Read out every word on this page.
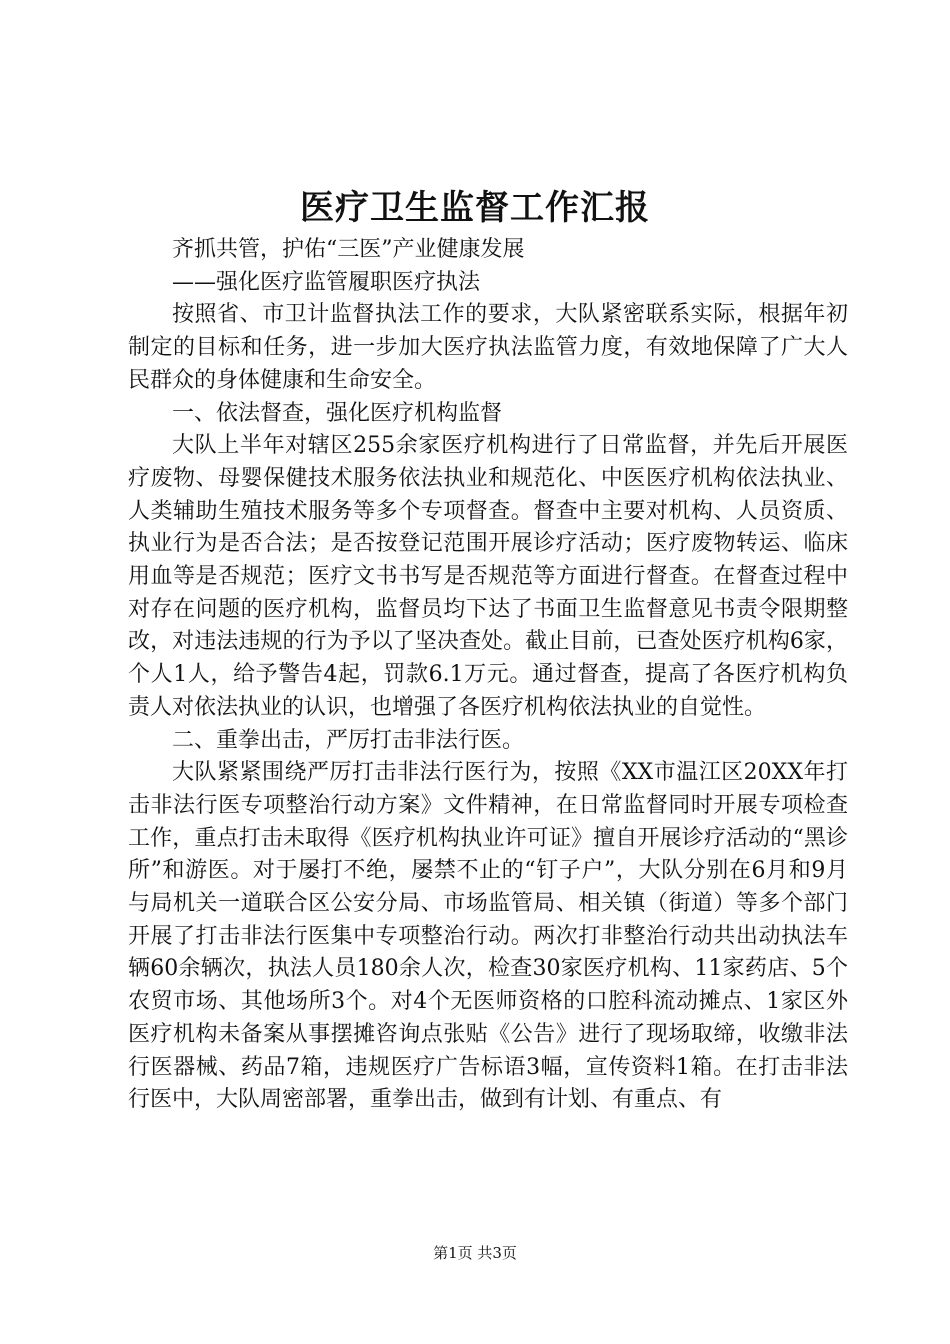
医疗卫生监督工作汇报

齐抓共管，护佑“三医”产业健康发展

——强化医疗监管履职医疗执法

按照省、市卫计监督执法工作的要求，大队紧密联系实际，根据年初制定的目标和任务，进一步加大医疗执法监管力度，有效地保障了广大人民群众的身体健康和生命安全。

一、依法督查，强化医疗机构监督

大队上半年对辖区255余家医疗机构进行了日常监督，并先后开展医疗废物、母婴保健技术服务依法执业和规范化、中医医疗机构依法执业、人类辅助生殖技术服务等多个专项督查。督查中主要对机构、人员资质、执业行为是否合法；是否按登记范围开展诊疗活动；医疗废物转运、临床用血等是否规范；医疗文书书写是否规范等方面进行督查。在督查过程中对存在问题的医疗机构，监督员均下达了书面卫生监督意见书责令限期整改，对违法违规的行为予以了坚决查处。截止目前，已查处医疗机构6家，个人1人，给予警告4起，罚款6.1万元。通过督查，提高了各医疗机构负责人对依法执业的认识，也增强了各医疗机构依法执业的自觉性。

二、重拳出击，严厉打击非法行医。

大队紧紧围绕严厉打击非法行医行为，按照《XX市温江区20XX年打击非法行医专项整治行动方案》文件精神，在日常监督同时开展专项检查工作，重点打击未取得《医疗机构执业许可证》擅自开展诊疗活动的“黑诊所”和游医。对于屡打不绝，屡禁不止的“钉子户”，大队分别在6月和9月与局机关一道联合区公安分局、市场监管局、相关镇（街道）等多个部门开展了打击非法行医集中专项整治行动。两次打非整治行动共出动执法车辆60余辆次，执法人员180余人次，检查30家医疗机构、11家药店、5个农贸市场、其他场所3个。对4个无医师资格的口腔科流动摊点、1家区外医疗机构未备案从事摆摊咨询点张贴《公告》进行了现场取缔，收缴非法行医器械、药品7箱，违规医疗广告标语3幅，宣传资料1箱。在打击非法行医中，大队周密部署，重拳出击，做到有计划、有重点、有

第1页 共3页
